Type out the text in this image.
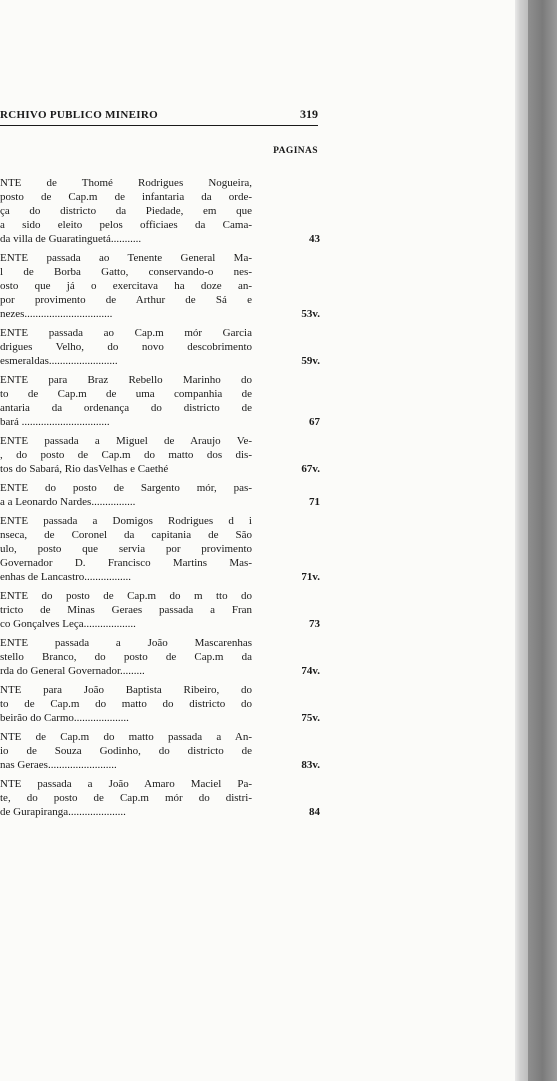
RCHIVO PUBLICO MINEIRO	319
PAGINAS
NTE de Thomé Rodrigues Nogueira,
posto de Cap.m de infantaria da orde-
ça do districto da Piedade, em que
a sido eleito pelos officiaes da Cama-
da villa de Guaratinguetá...........	43
ENTE passada ao Tenente General Ma-
l de Borba Gatto, conservando-o nes-
osto que já o exercitava ha doze an-
por provimento de Arthur de Sá e
nezes................................	53v.
ENTE passada ao Cap.m mór Garcia
drigues Velho, do novo descobrimento
esmeraldas.........................	59v.
ENTE para Braz Rebello Marinho do
to de Cap.m de uma companhia de
antaria da ordenança do districto de
bará ................................	67
ENTE passada a Miguel de Araujo Ve-
, do posto de Cap.m do matto dos dis-
tos do Sabará, Rio dasVelhas e Caethé	67v.
ENTE do posto de Sargento mór, pas-
a a Leonardo Nardes................	71
ENTE passada a Domigos Rodrigues d i
nseca, de Coronel da capitania de São
ulo, posto que servia por provimento
Governador D. Francisco Martins Mas-
enhas de Lancastro.................	71v.
ENTE do posto de Cap.m do m tto do
tricto de Minas Geraes passada a Fran
co Gonçalves Leça...................	73
ENTE passada a João Mascarenhas
stello Branco, do posto de Cap.m da
rda do General Governador.........	74v.
NTE para João Baptista Ribeiro, do
to de Cap.m do matto do districto do
beirão do Carmo....................	75v.
NTE de Cap.m do matto passada a An-
io de Souza Godinho, do districto de
nas Geraes.........................	83v.
NTE passada a João Amaro Maciel Pa-
te, do posto de Cap.m mór do distri-
de Gurapiranga.....................	84
